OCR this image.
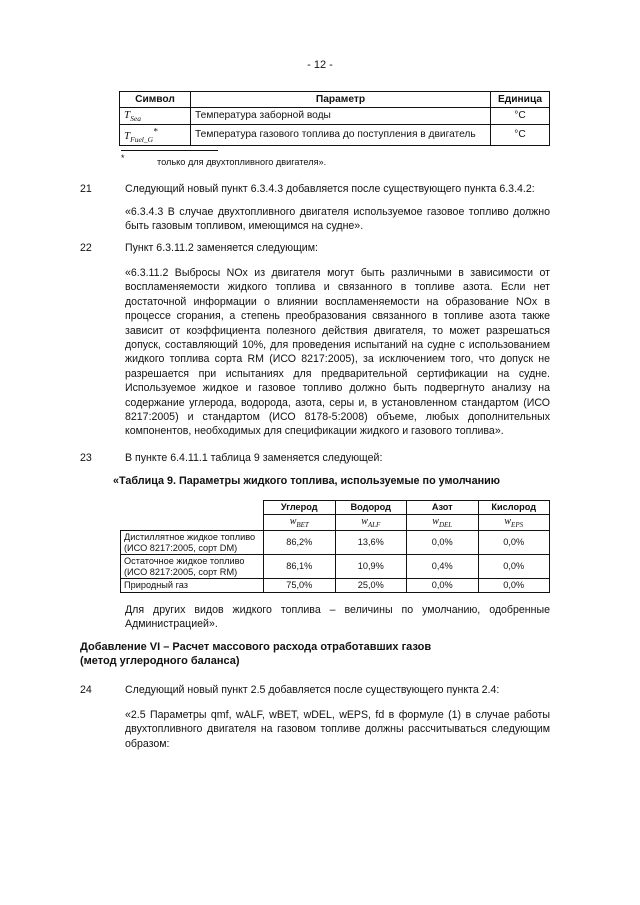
- 12 -
Символ	Параметр	Единица
$T_{Sea}$	Температура заборной воды	°C
$T_{Fuel\_G}^*$	Температура газового топлива до поступления в двигатель	°C
*	только для двухтопливного двигателя».
21	Следующий новый пункт 6.3.4.3 добавляется после существующего пункта 6.3.4.2:
«6.3.4.3 В случае двухтопливного двигателя используемое газовое топливо должно быть газовым топливом, имеющимся на судне».
22	Пункт 6.3.11.2 заменяется следующим:
«6.3.11.2 Выбросы NOx из двигателя могут быть различными в зависимости от воспламеняемости жидкого топлива и связанного в топливе азота. Если нет достаточной информации о влиянии воспламеняемости на образование NOx в процессе сгорания, а степень преобразования связанного в топливе азота также зависит от коэффициента полезного действия двигателя, то может разрешаться допуск, составляющий 10%, для проведения испытаний на судне с использованием жидкого топлива сорта RM (ИСО 8217:2005), за исключением того, что допуск не разрешается при испытаниях для предварительной сертификации на судне. Используемое жидкое и газовое топливо должно быть подвергнуто анализу на содержание углерода, водорода, азота, серы и, в установленном стандартом (ИСО 8217:2005) и стандартом (ИСО 8178-5:2008) объеме, любых дополнительных компонентов, необходимых для спецификации жидкого и газового топлива».
23	В пункте 6.4.11.1 таблица 9 заменяется следующей:
«Таблица 9. Параметры жидкого топлива, используемые по умолчанию
	Углерод	Водород	Азот	Кислород
	$w_{BET}$	$w_{ALF}$	$w_{DEL}$	$w_{EPS}$
Дистиллятное жидкое топливо (ИСО 8217:2005, сорт DM)	86,2%	13,6%	0,0%	0,0%
Остаточное жидкое топливо (ИСО 8217:2005, сорт RM)	86,1%	10,9%	0,4%	0,0%
Природный газ	75,0%	25,0%	0,0%	0,0%
Для других видов жидкого топлива – величины по умолчанию, одобренные Администрацией».
Добавление VI – Расчет массового расхода отработавших газов
(метод углеродного баланса)
24	Следующий новый пункт 2.5 добавляется после существующего пункта 2.4:
«2.5 Параметры qmf, wALF, wBET, wDEL, wEPS, fd в формуле (1) в случае работы двухтопливного двигателя на газовом топливе должны рассчитываться следующим образом:
